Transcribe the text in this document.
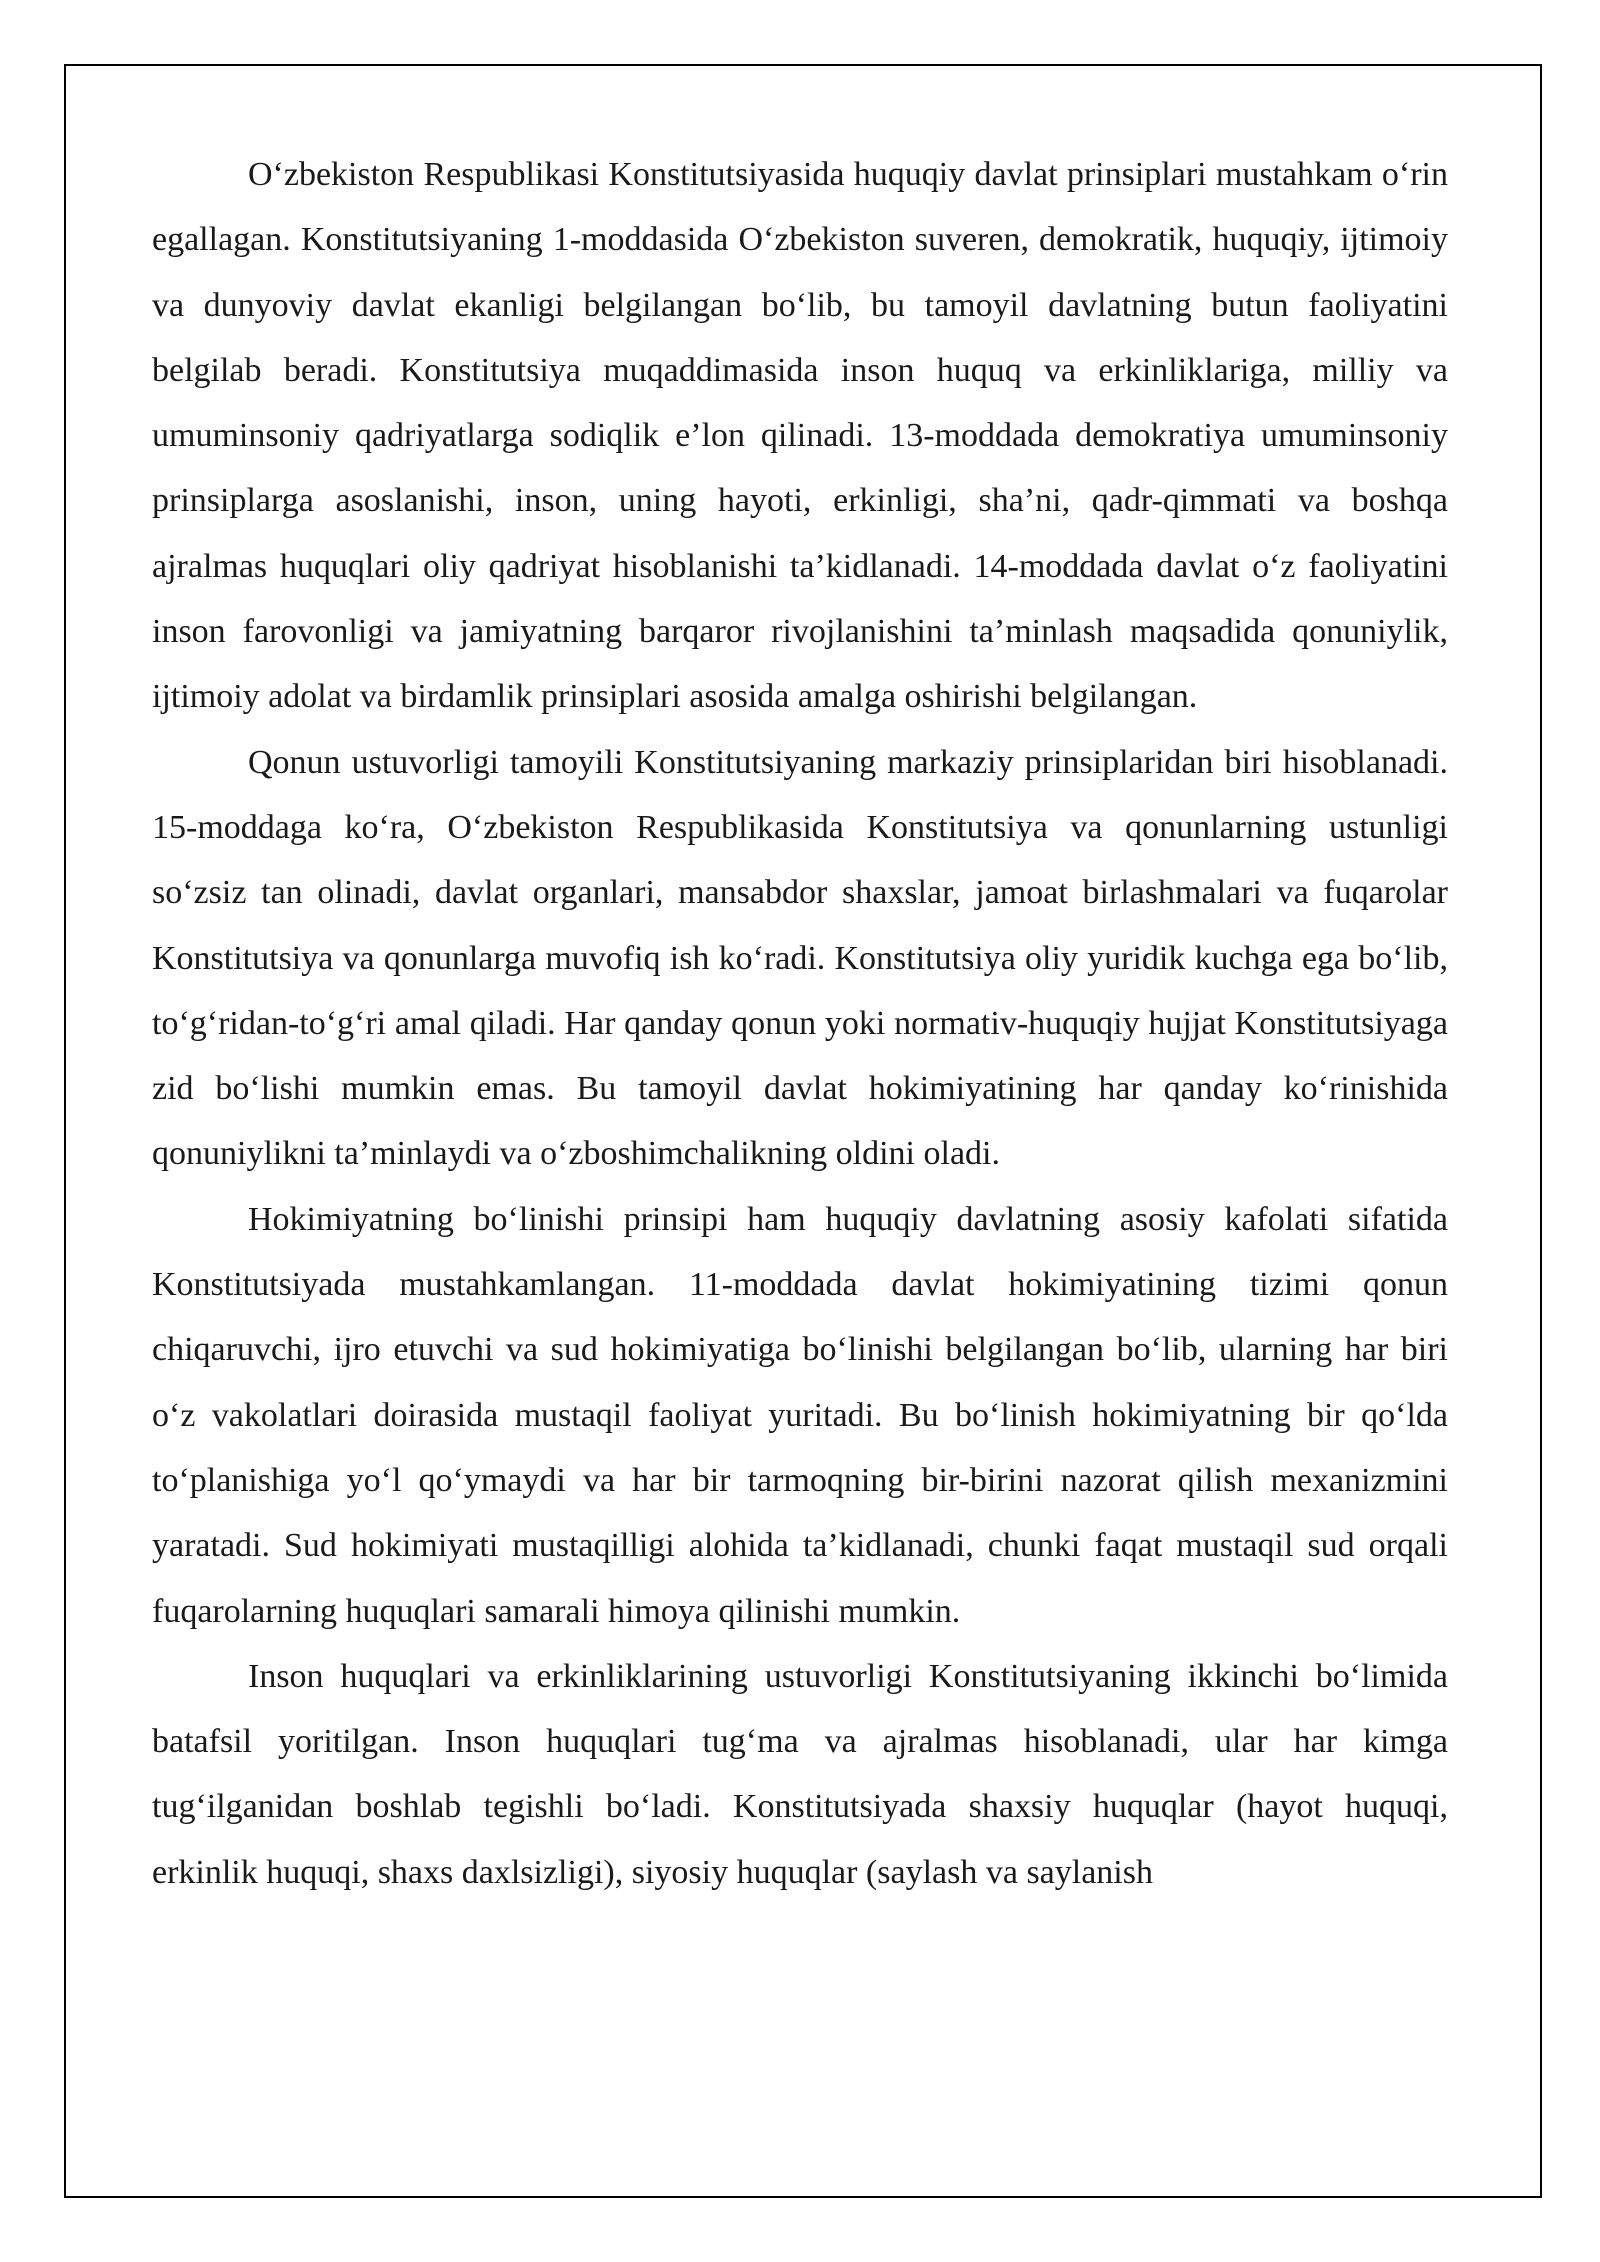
O‘zbekiston Respublikasi Konstitutsiyasida huquqiy davlat prinsiplari mustahkam o‘rin egallagan. Konstitutsiyaning 1-moddasida O‘zbekiston suveren, demokratik, huquqiy, ijtimoiy va dunyoviy davlat ekanligi belgilangan bo‘lib, bu tamoyil davlatning butun faoliyatini belgilab beradi. Konstitutsiya muqaddimasida inson huquq va erkinliklariga, milliy va umuminsoniy qadriyatlarga sodiqlik e’lon qilinadi. 13-moddada demokratiya umuminsoniy prinsiplarga asoslanishi, inson, uning hayoti, erkinligi, sha’ni, qadr-qimmati va boshqa ajralmas huquqlari oliy qadriyat hisoblanishi ta’kidlanadi. 14-moddada davlat o‘z faoliyatini inson farovonligi va jamiyatning barqaror rivojlanishini ta’minlash maqsadida qonuniylik, ijtimoiy adolat va birdamlik prinsiplari asosida amalga oshirishi belgilangan.

Qonun ustuvorligi tamoyili Konstitutsiyaning markaziy prinsiplaridan biri hisoblanadi. 15-moddaga ko‘ra, O‘zbekiston Respublikasida Konstitutsiya va qonunlarning ustunligi so‘zsiz tan olinadi, davlat organlari, mansabdor shaxslar, jamoat birlashmalari va fuqarolar Konstitutsiya va qonunlarga muvofiq ish ko‘radi. Konstitutsiya oliy yuridik kuchga ega bo‘lib, to‘g‘ridan-to‘g‘ri amal qiladi. Har qanday qonun yoki normativ-huquqiy hujjat Konstitutsiyaga zid bo‘lishi mumkin emas. Bu tamoyil davlat hokimiyatining har qanday ko‘rinishida qonuniylikni ta’minlaydi va o‘zboshimchalikning oldini oladi.

Hokimiyatning bo‘linishi prinsipi ham huquqiy davlatning asosiy kafolati sifatida Konstitutsiyada mustahkamlangan. 11-moddada davlat hokimiyatining tizimi qonun chiqaruvchi, ijro etuvchi va sud hokimiyatiga bo‘linishi belgilangan bo‘lib, ularning har biri o‘z vakolatlari doirasida mustaqil faoliyat yuritadi. Bu bo‘linish hokimiyatning bir qo‘lda to‘planishiga yo‘l qo‘ymaydi va har bir tarmoqning bir-birini nazorat qilish mexanizmini yaratadi. Sud hokimiyati mustaqilligi alohida ta’kidlanadi, chunki faqat mustaqil sud orqali fuqarolarning huquqlari samarali himoya qilinishi mumkin.

Inson huquqlari va erkinliklarining ustuvorligi Konstitutsiyaning ikkinchi bo‘limida batafsil yoritilgan. Inson huquqlari tug‘ma va ajralmas hisoblanadi, ular har kimga tug‘ilganidan boshlab tegishli bo‘ladi. Konstitutsiyada shaxsiy huquqlar (hayot huquqi, erkinlik huquqi, shaxs daxlsizligi), siyosiy huquqlar (saylash va saylanish
